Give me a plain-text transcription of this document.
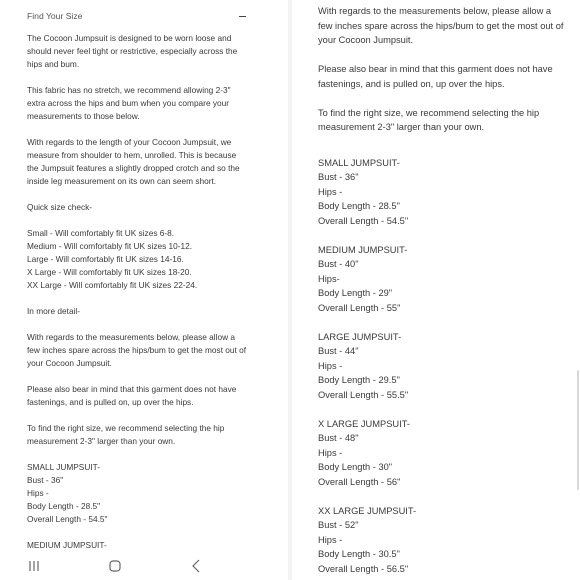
Find Your Size

The Cocoon Jumpsuit is designed to be worn loose and should never feel tight or restrictive, especially across the hips and bum.

This fabric has no stretch, we recommend allowing 2-3" extra across the hips and bum when you compare your measurements to those below.

With regards to the length of your Cocoon Jumpsuit, we measure from shoulder to hem, unrolled. This is because the Jumpsuit features a slightly dropped crotch and so the inside leg measurement on its own can seem short.

Quick size check-

Small - Will comfortably fit UK sizes 6-8.
Medium - Will comfortably fit UK sizes 10-12.
Large - Will comfortably fit UK sizes 14-16.
X Large - Will comfortably fit UK sizes 18-20.
XX Large - Will comfortably fit UK sizes 22-24.

In more detail-

With regards to the measurements below, please allow a few inches spare across the hips/bum to get the most out of your Cocoon Jumpsuit.

Please also bear in mind that this garment does not have fastenings, and is pulled on, up over the hips.

To find the right size, we recommend selecting the hip measurement 2-3" larger than your own.

SMALL JUMPSUIT-
Bust - 36"
Hips -
Body Length - 28.5"
Overall Length - 54.5"
MEDIUM JUMPSUIT-

With regards to the measurements below, please allow a few inches spare across the hips/bum to get the most out of your Cocoon Jumpsuit.

Please also bear in mind that this garment does not have fastenings, and is pulled on, up over the hips.

To find the right size, we recommend selecting the hip measurement 2-3" larger than your own.

SMALL JUMPSUIT-
Bust - 36"
Hips -
Body Length - 28.5"
Overall Length - 54.5"
MEDIUM JUMPSUIT-
Bust - 40"
Hips-
Body Length - 29"
Overall Length - 55"
LARGE JUMPSUIT-
Bust - 44"
Hips -
Body Length - 29.5"
Overall Length - 55.5"
X LARGE JUMPSUIT-
Bust - 48"
Hips -
Body Length - 30"
Overall Length - 56"
XX LARGE JUMPSUIT-
Bust - 52"
Hips -
Body Length - 30.5"
Overall Length - 56.5"
